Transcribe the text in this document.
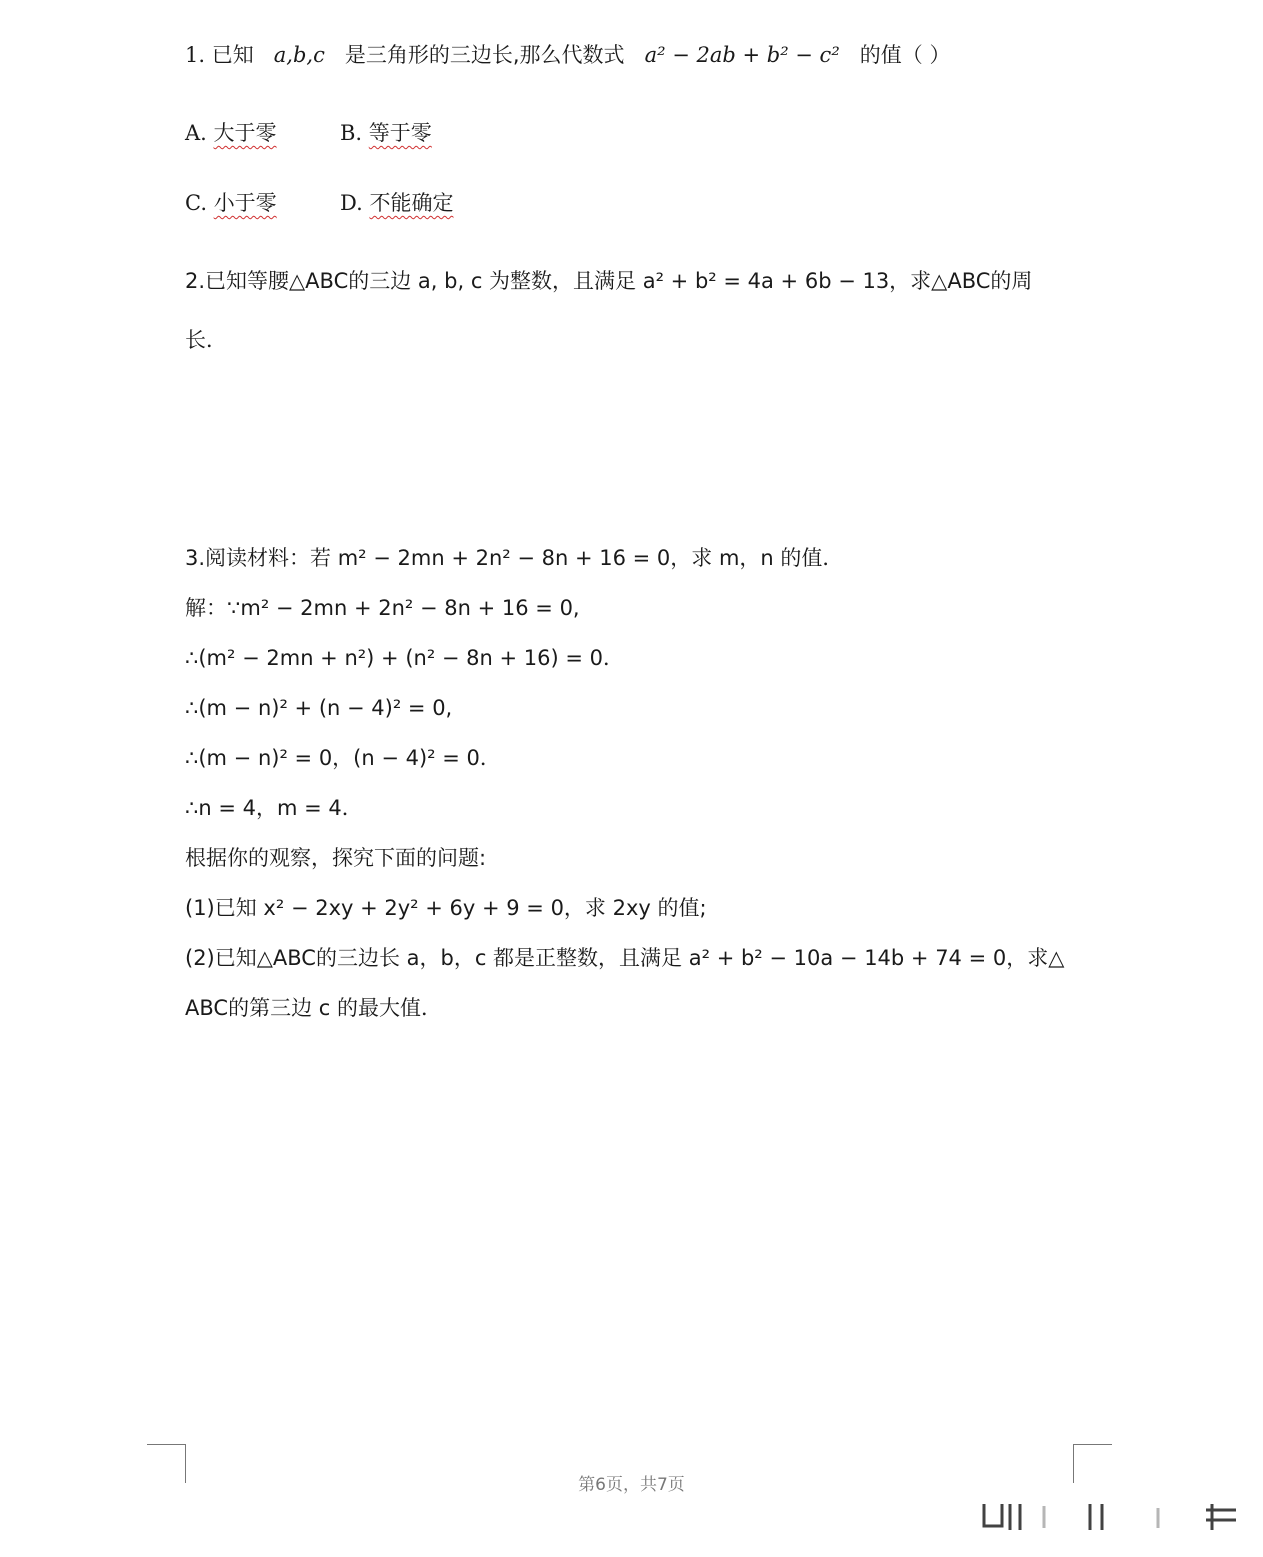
1. 已知 a,b,c 是三角形的三边长,那么代数式 a² − 2ab + b² − c² 的值（ ）
A. 大于零	B. 等于零
C. 小于零	D. 不能确定
2.已知等腰△ABC的三边 a, b, c 为整数，且满足 a² + b² = 4a + 6b − 13，求△ABC的周
长．
3.阅读材料：若 m² − 2mn + 2n² − 8n + 16 = 0，求 m，n 的值．
解：∵m² − 2mn + 2n² − 8n + 16 = 0,
∴(m² − 2mn + n²) + (n² − 8n + 16) = 0．
∴(m − n)² + (n − 4)² = 0,
∴(m − n)² = 0，(n − 4)² = 0．
∴n = 4，m = 4．
根据你的观察，探究下面的问题:
(1)已知 x² − 2xy + 2y² + 6y + 9 = 0，求 2xy 的值;
(2)已知△ABC的三边长 a，b，c 都是正整数，且满足 a² + b² − 10a − 14b + 74 = 0，求△
ABC的第三边 c 的最大值．
第6页，共7页
